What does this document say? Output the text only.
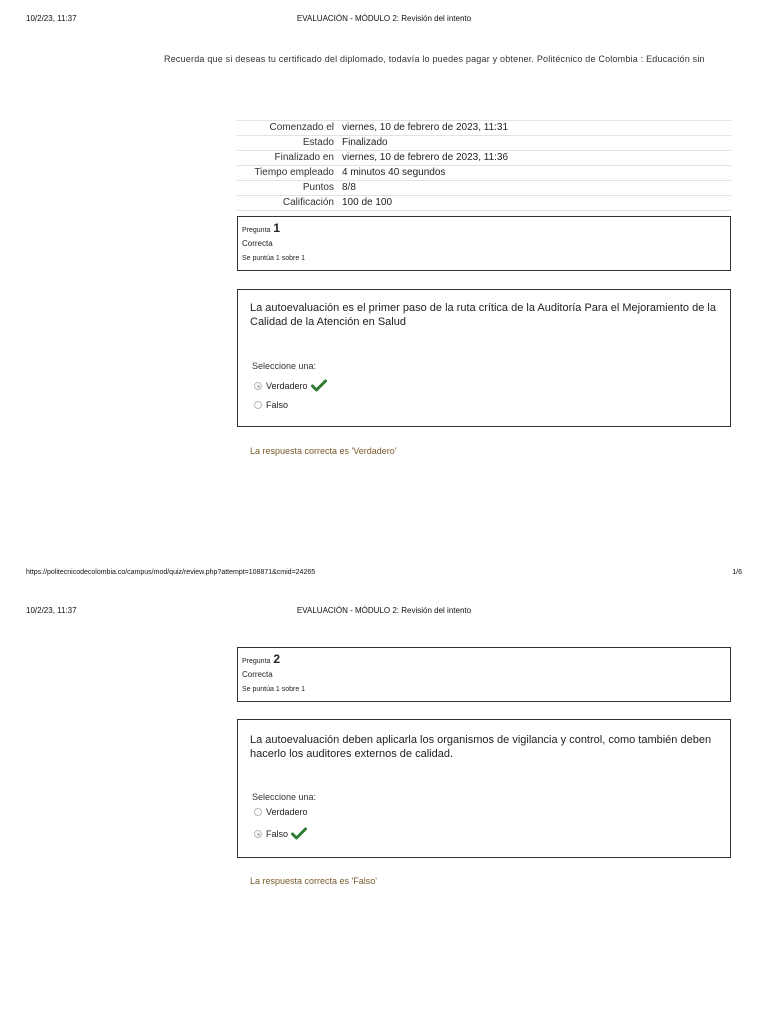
10/2/23, 11:37	EVALUACIÓN - MÓDULO 2: Revisión del intento
Recuerda que si deseas tu certificado del diplomado, todavía lo puedes pagar y obtener. Politécnico de Colombia : Educación sin
Comenzado el	viernes, 10 de febrero de 2023, 11:31
Estado	Finalizado
Finalizado en	viernes, 10 de febrero de 2023, 11:36
Tiempo empleado	4 minutos 40 segundos
Puntos	8/8
Calificación	100 de 100
Pregunta 1
Correcta
Se puntúa 1 sobre 1
La autoevaluación es el primer paso de la ruta crítica de la Auditoría Para el Mejoramiento de la Calidad de la Atención en Salud
Seleccione una:
Verdadero
Falso
La respuesta correcta es 'Verdadero'
https://politecnicodecolombia.co/campus/mod/quiz/review.php?attempt=108871&cmid=24265	1/6
10/2/23, 11:37	EVALUACIÓN - MÓDULO 2: Revisión del intento
Pregunta 2
Correcta
Se puntúa 1 sobre 1
La autoevaluación deben aplicarla los organismos de vigilancia y control, como también deben hacerlo los auditores externos de calidad.
Seleccione una:
Verdadero
Falso
La respuesta correcta es 'Falso'
